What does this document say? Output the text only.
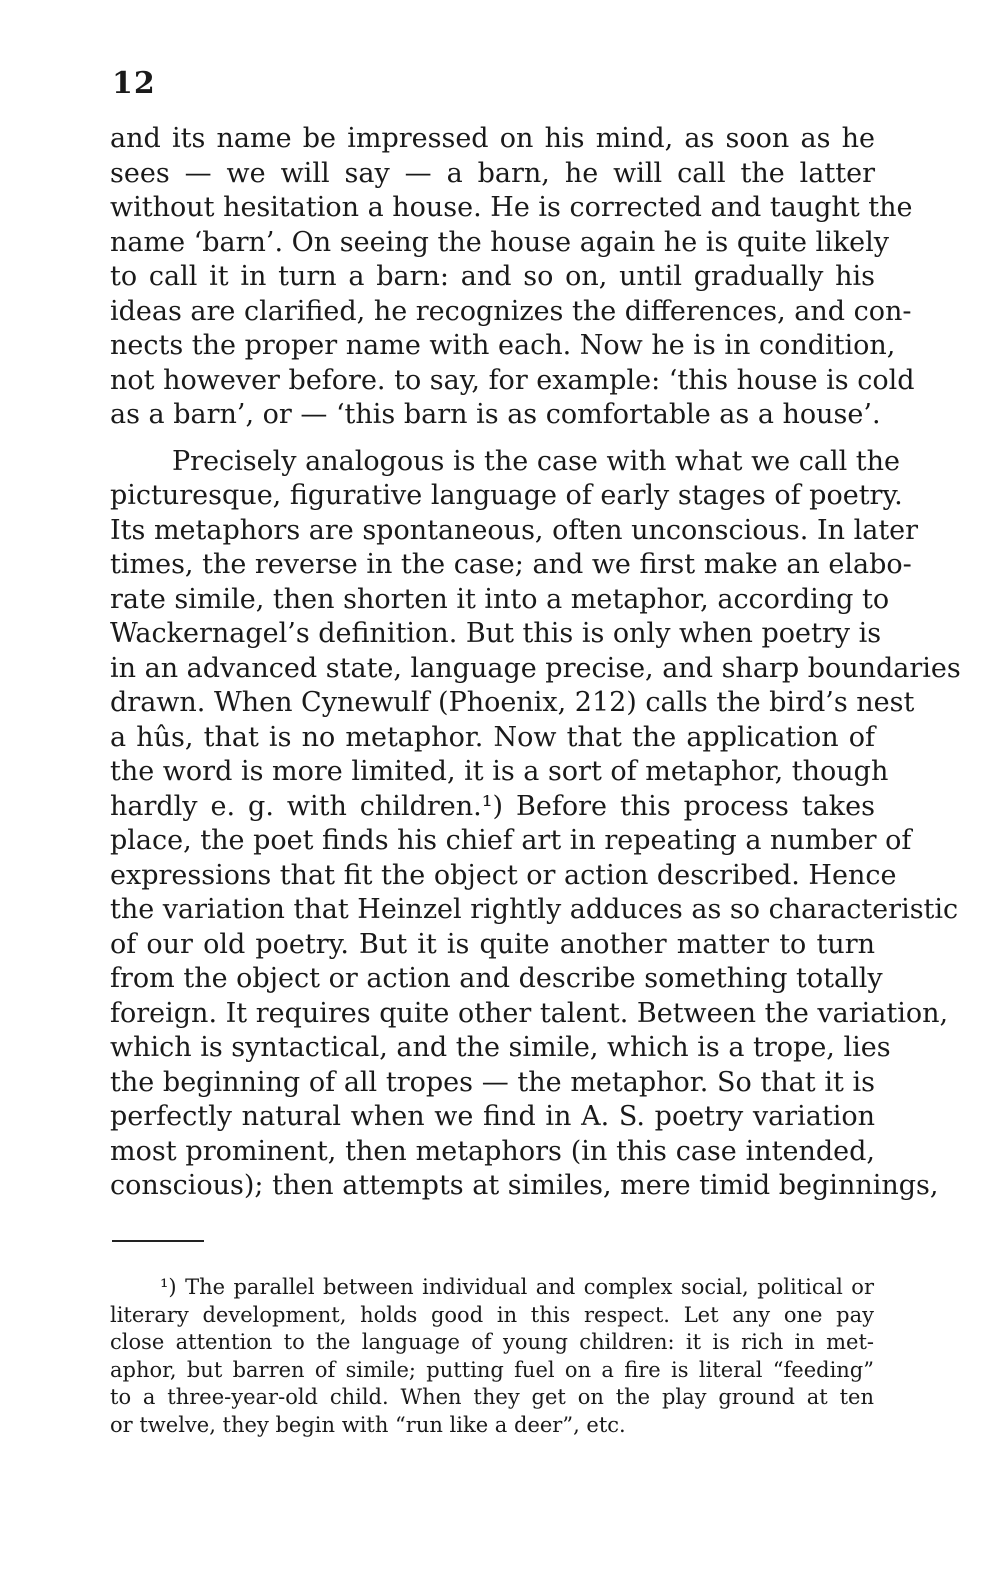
12

and its name be impressed on his mind, as soon as he
sees — we will say — a barn, he will call the latter
without hesitation a house. He is corrected and taught the
name ‘barn’. On seeing the house again he is quite likely
to call it in turn a barn: and so on, until gradually his
ideas are clarified, he recognizes the differences, and con-
nects the proper name with each. Now he is in condition,
not however before. to say, for example: ‘this house is cold
as a barn’, or — ‘this barn is as comfortable as a house’.

Precisely analogous is the case with what we call the
picturesque, figurative language of early stages of poetry.
Its metaphors are spontaneous, often unconscious. In later
times, the reverse in the case; and we first make an elabo-
rate simile, then shorten it into a metaphor, according to
Wackernagel’s definition. But this is only when poetry is
in an advanced state, language precise, and sharp boundaries
drawn. When Cynewulf (Phoenix, 212) calls the bird’s nest
a hûs, that is no metaphor. Now that the application of
the word is more limited, it is a sort of metaphor, though
hardly e. g. with children.¹) Before this process takes
place, the poet finds his chief art in repeating a number of
expressions that fit the object or action described. Hence
the variation that Heinzel rightly adduces as so characteristic
of our old poetry. But it is quite another matter to turn
from the object or action and describe something totally
foreign. It requires quite other talent. Between the variation,
which is syntactical, and the simile, which is a trope, lies
the beginning of all tropes — the metaphor. So that it is
perfectly natural when we find in A. S. poetry variation
most prominent, then metaphors (in this case intended,
conscious); then attempts at similes, mere timid beginnings,

¹) The parallel between individual and complex social, political or
literary development, holds good in this respect. Let any one pay
close attention to the language of young children: it is rich in met-
aphor, but barren of simile; putting fuel on a fire is literal “feeding”
to a three-year-old child. When they get on the play ground at ten
or twelve, they begin with “run like a deer”, etc.
